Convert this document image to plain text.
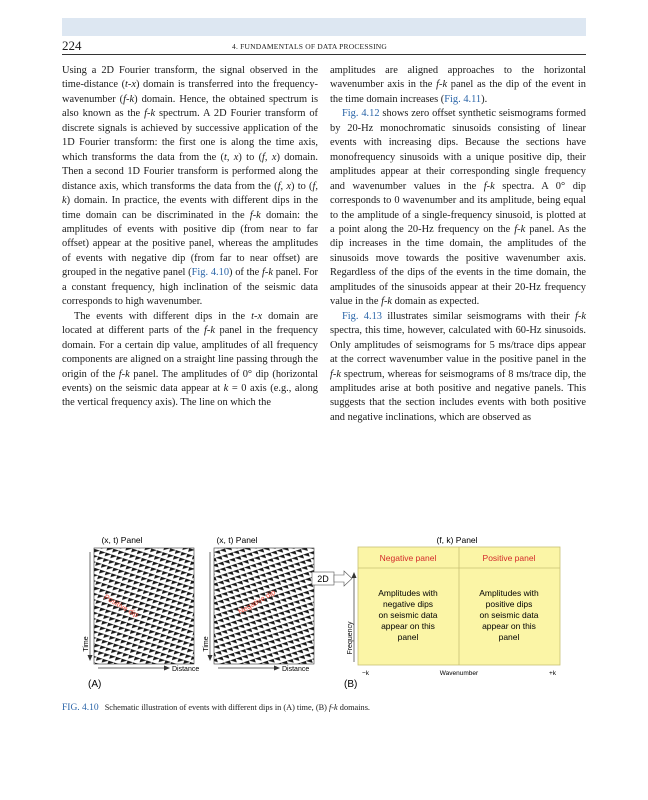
224	4. FUNDAMENTALS OF DATA PROCESSING

Using a 2D Fourier transform, the signal observed in the time-distance (t-x) domain is transferred into the frequency-wavenumber (f-k) domain. Hence, the obtained spectrum is also known as the f-k spectrum. A 2D Fourier transform of discrete signals is achieved by successive application of the 1D Fourier transform: the first one is along the time axis, which transforms the data from the (t, x) to (f, x) domain. Then a second 1D Fourier transform is performed along the distance axis, which transforms the data from the (f, x) to (f, k) domain. In practice, the events with different dips in the time domain can be discriminated in the f-k domain: the amplitudes of events with positive dip (from near to far offset) appear at the positive panel, whereas the amplitudes of events with negative dip (from far to near offset) are grouped in the negative panel (Fig. 4.10) of the f-k panel. For a constant frequency, high inclination of the seismic data corresponds to high wavenumber.

The events with different dips in the t-x domain are located at different parts of the f-k panel in the frequency domain. For a certain dip value, amplitudes of all frequency components are aligned on a straight line passing through the origin of the f-k panel. The amplitudes of 0° dip (horizontal events) on the seismic data appear at k = 0 axis (e.g., along the vertical frequency axis). The line on which the

amplitudes are aligned approaches to the horizontal wavenumber axis in the f-k panel as the dip of the event in the time domain increases (Fig. 4.11).

Fig. 4.12 shows zero offset synthetic seismograms formed by 20-Hz monochromatic sinusoids consisting of linear events with increasing dips. Because the sections have monofrequency sinusoids with a unique positive dip, their amplitudes appear at their corresponding single frequency and wavenumber values in the f-k spectra. A 0° dip corresponds to 0 wavenumber and its amplitude, being equal to the amplitude of a single-frequency sinusoid, is plotted at a point along the 20-Hz frequency on the f-k panel. As the dip increases in the time domain, the amplitudes of the sinusoids move towards the positive wavenumber axis. Regardless of the dips of the events in the time domain, the amplitudes of the sinusoids appear at their 20-Hz frequency value in the f-k domain as expected.

Fig. 4.13 illustrates similar seismograms with their f-k spectra, this time, however, calculated with 60-Hz sinusoids. Only amplitudes of seismograms for 5 ms/trace dips appear at the correct wavenumber value in the positive panel in the f-k spectrum, whereas for seismograms of 8 ms/trace dip, the amplitudes arise at both positive and negative panels. This suggests that the section includes events with both positive and negative inclinations, which are observed as

(x, t) Panel
Positive dip
Time
Distance
(A)
(x, t) Panel
Negative dip
Time
Distance
2D
(f, k) Panel
Negative panel	Positive panel
Amplitudes with
negative dips
on seismic data
appear on this
panel
Amplitudes with
positive dips
on seismic data
appear on this
panel
Frequency
−k	Wavenumber	+k
(B)
FIG. 4.10 Schematic illustration of events with different dips in (A) time, (B) f-k domains.
